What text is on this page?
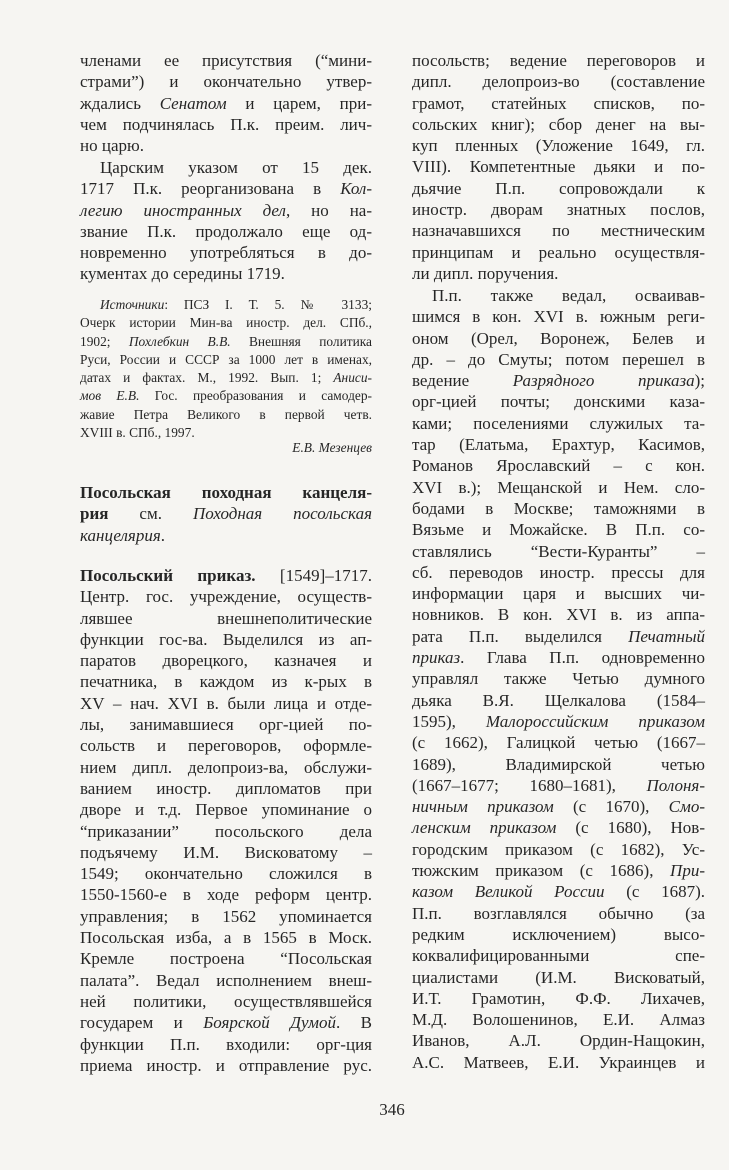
членами ее присутствия (“мини-
страми”) и окончательно утвер-
ждались Сенатом и царем, при-
чем подчинялась П.к. преим. лич-
но царю.
Царским указом от 15 дек.
1717 П.к. реорганизована в Кол-
легию иностранных дел, но на-
звание П.к. продолжало еще од-
новременно употребляться в до-
кументах до середины 1719.
Источники: ПСЗ I. Т. 5. № 3133;
Очерк истории Мин-ва иностр. дел. СПб.,
1902; Похлебкин В.В. Внешняя политика
Руси, России и СССР за 1000 лет в именах,
датах и фактах. М., 1992. Вып. 1; Аниси-
мов Е.В. Гос. преобразования и самодер-
жавие Петра Великого в первой четв.
XVIII в. СПб., 1997.
Е.В. Мезенцев
Посольская походная канцеля-
рия см. Походная посольская
канцелярия.
Посольский приказ. [1549]–1717.
Центр. гос. учреждение, осуществ-
лявшее внешнеполитические
функции гос-ва. Выделился из ап-
паратов дворецкого, казначея и
печатника, в каждом из к-рых в
XV – нач. XVI в. были лица и отде-
лы, занимавшиеся орг-цией по-
сольств и переговоров, оформле-
нием дипл. делопроиз-ва, обслужи-
ванием иностр. дипломатов при
дворе и т.д. Первое упоминание о
“приказании” посольского дела
подъячему И.М. Висковатому –
1549; окончательно сложился в
1550-1560-е в ходе реформ центр.
управления; в 1562 упоминается
Посольская изба, а в 1565 в Моск.
Кремле построена “Посольская
палата”. Ведал исполнением внеш-
ней политики, осуществлявшейся
государем и Боярской Думой. В
функции П.п. входили: орг-ция
приема иностр. и отправление рус.
посольств; ведение переговоров и
дипл. делопроиз-во (составление
грамот, статейных списков, по-
сольских книг); сбор денег на вы-
куп пленных (Уложение 1649, гл.
VIII). Компетентные дьяки и по-
дьячие П.п. сопровождали к
иностр. дворам знатных послов,
назначавшихся по местническим
принципам и реально осуществля-
ли дипл. поручения.
П.п. также ведал, осваивав-
шимся в кон. XVI в. южным реги-
оном (Орел, Воронеж, Белев и
др. – до Смуты; потом перешел в
ведение Разрядного приказа);
орг-цией почты; донскими каза-
ками; поселениями служилых та-
тар (Елатьма, Ерахтур, Касимов,
Романов Ярославский – с кон.
XVI в.); Мещанской и Нем. сло-
бодами в Москве; таможнями в
Вязьме и Можайске. В П.п. со-
ставлялись “Вести-Куранты” –
сб. переводов иностр. прессы для
информации царя и высших чи-
новников. В кон. XVI в. из аппа-
рата П.п. выделился Печатный
приказ. Глава П.п. одновременно
управлял также Четью думного
дьяка В.Я. Щелкалова (1584–
1595), Малороссийским приказом
(с 1662), Галицкой четью (1667–
1689), Владимирской четью
(1667–1677; 1680–1681), Полоня-
ничным приказом (с 1670), Смо-
ленским приказом (с 1680), Нов-
городским приказом (с 1682), Ус-
тюжским приказом (с 1686), При-
казом Великой России (с 1687).
П.п. возглавлялся обычно (за
редким исключением) высо-
коквалифицированными спе-
циалистами (И.М. Висковатый,
И.Т. Грамотин, Ф.Ф. Лихачев,
М.Д. Волошенинов, Е.И. Алмаз
Иванов, А.Л. Ордин-Нащокин,
А.С. Матвеев, Е.И. Украинцев и
346
